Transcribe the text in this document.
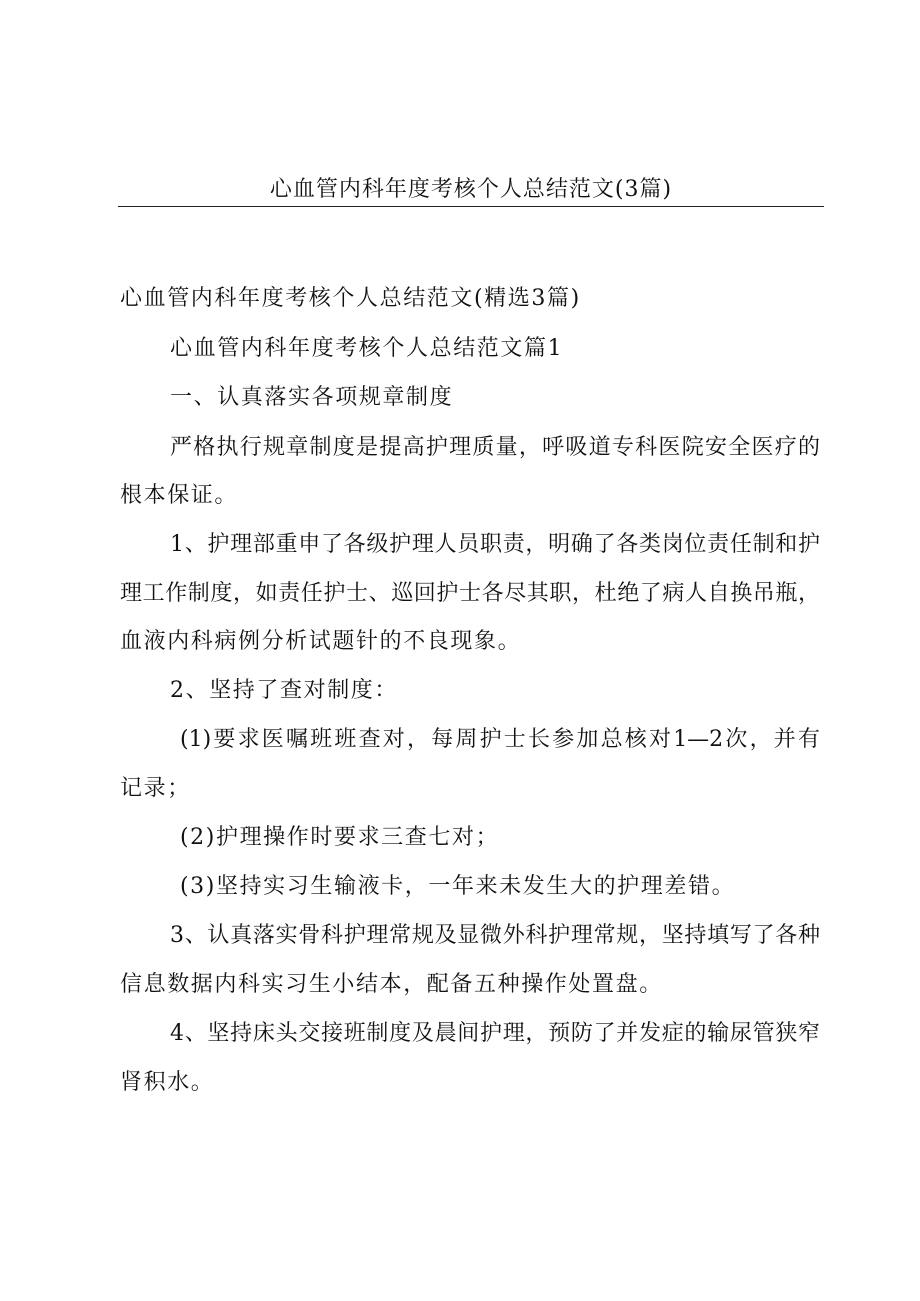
心血管内科年度考核个人总结范文(3篇)
心血管内科年度考核个人总结范文(精选3篇)
心血管内科年度考核个人总结范文篇1
一、认真落实各项规章制度
严格执行规章制度是提高护理质量，呼吸道专科医院安全医疗的
根本保证。
1、护理部重申了各级护理人员职责，明确了各类岗位责任制和护
理工作制度，如责任护士、巡回护士各尽其职，杜绝了病人自换吊瓶，
血液内科病例分析试题针的不良现象。
2、坚持了查对制度：
(1)要求医嘱班班查对，每周护士长参加总核对1—2次，并有
记录；
(2)护理操作时要求三查七对；
(3)坚持实习生输液卡，一年来未发生大的护理差错。
3、认真落实骨科护理常规及显微外科护理常规，坚持填写了各种
信息数据内科实习生小结本，配备五种操作处置盘。
4、坚持床头交接班制度及晨间护理，预防了并发症的输尿管狭窄
肾积水。
